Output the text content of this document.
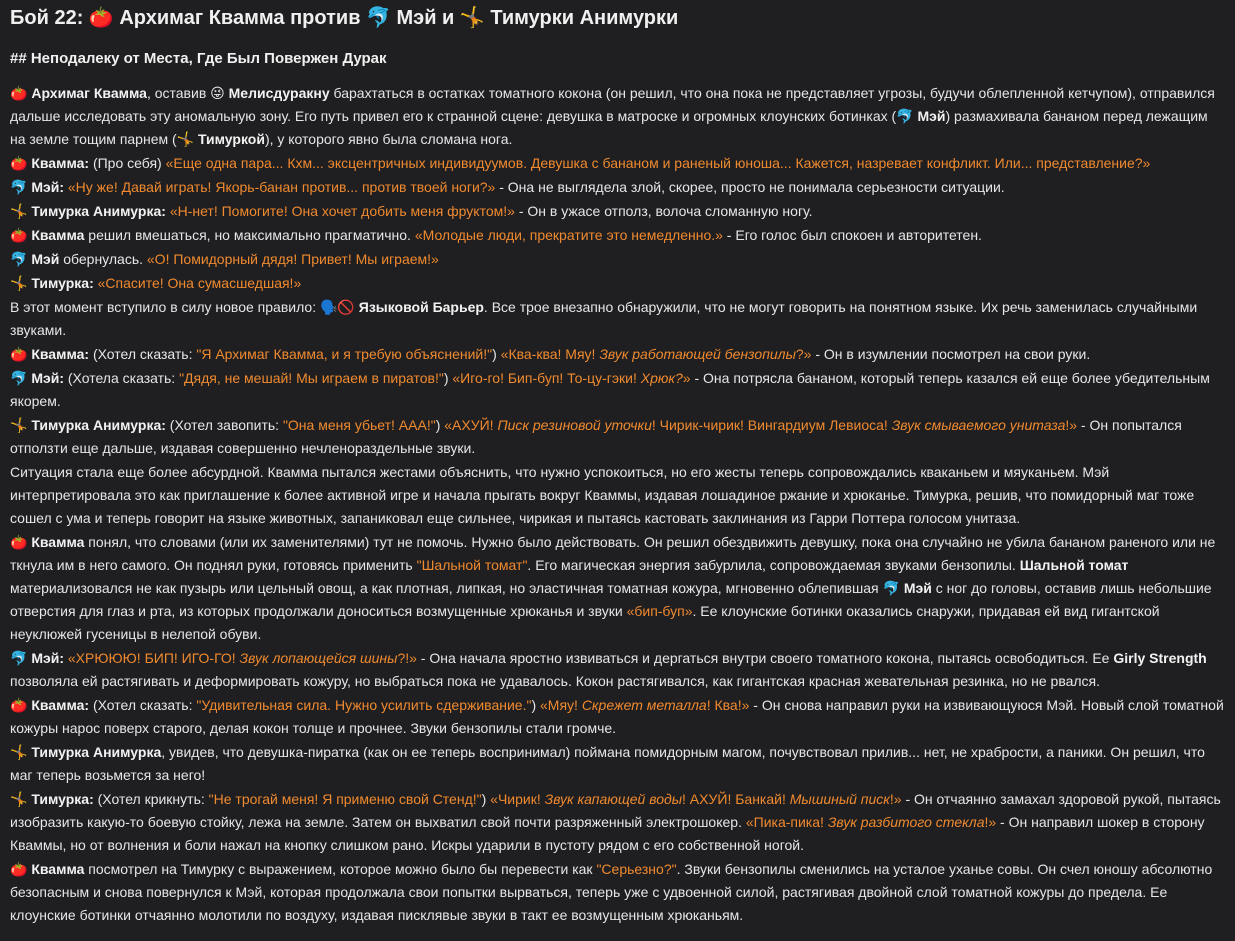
Бой 22: 🍅 Архимаг Квамма против 🐬 Мэй и 🤸 Тимурки Анимурки
## Неподалеку от Места, Где Был Повержен Дурак

🍅 Архимаг Квамма, оставив 😜 Мелисдуракну барахтаться в остатках томатного кокона (он решил, что она пока не представляет угрозы, будучи облепленной кетчупом), отправился дальше исследовать эту аномальную зону. Его путь привел его к странной сцене: девушка в матроске и огромных клоунских ботинках (🐬 Мэй) размахивала бананом перед лежащим на земле тощим парнем (🤸 Тимуркой), у которого явно была сломана нога.

🍅 Квамма: (Про себя) «Еще одна пара... Кхм... эксцентричных индивидуумов. Девушка с бананом и раненый юноша... Кажется, назревает конфликт. Или... представление?»

🐬 Мэй: «Ну же! Давай играть! Якорь-банан против... против твоей ноги?» - Она не выглядела злой, скорее, просто не понимала серьезности ситуации.

🤸 Тимурка Анимурка: «Н-нет! Помогите! Она хочет добить меня фруктом!» - Он в ужасе отполз, волоча сломанную ногу.

🍅 Квамма решил вмешаться, но максимально прагматично. «Молодые люди, прекратите это немедленно.» - Его голос был спокоен и авторитетен.

🐬 Мэй обернулась. «О! Помидорный дядя! Привет! Мы играем!»

🤸 Тимурка: «Спасите! Она сумасшедшая!»

В этот момент вступило в силу новое правило: 🗣️🚫 Языковой Барьер. Все трое внезапно обнаружили, что не могут говорить на понятном языке. Их речь заменилась случайными звуками.

🍅 Квамма: (Хотел сказать: "Я Архимаг Квамма, и я требую объяснений!") «Ква-ква! Мяу! Звук работающей бензопилы?» - Он в изумлении посмотрел на свои руки.

🐬 Мэй: (Хотела сказать: "Дядя, не мешай! Мы играем в пиратов!") «Иго-го! Бип-буп! То-цу-гэки! Хрюк?» - Она потрясла бананом, который теперь казался ей еще более убедительным якорем.

🤸 Тимурка Анимурка: (Хотел завопить: "Она меня убьет! ААА!") «АХУЙ! Писк резиновой уточки! Чирик-чирик! Вингардиум Левиоса! Звук смываемого унитаза!» - Он попытался отползти еще дальше, издавая совершенно нечленораздельные звуки.

Ситуация стала еще более абсурдной. Квамма пытался жестами объяснить, что нужно успокоиться, но его жесты теперь сопровождались кваканьем и мяуканьем. Мэй интерпретировала это как приглашение к более активной игре и начала прыгать вокруг Кваммы, издавая лошадиное ржание и хрюканье. Тимурка, решив, что помидорный маг тоже сошел с ума и теперь говорит на языке животных, запаниковал еще сильнее, чирикая и пытаясь кастовать заклинания из Гарри Поттера голосом унитаза.

🍅 Квамма понял, что словами (или их заменителями) тут не помочь. Нужно было действовать. Он решил обездвижить девушку, пока она случайно не убила бананом раненого или не ткнула им в него самого. Он поднял руки, готовясь применить "Шальной томат". Его магическая энергия забурлила, сопровождаемая звуками бензопилы. Шальной томат материализовался не как пузырь или цельный овощ, а как плотная, липкая, но эластичная томатная кожура, мгновенно облепившая 🐬 Мэй с ног до головы, оставив лишь небольшие отверстия для глаз и рта, из которых продолжали доноситься возмущенные хрюканья и звуки «бип-буп». Ее клоунские ботинки оказались снаружи, придавая ей вид гигантской неуклюжей гусеницы в нелепой обуви.

🐬 Мэй: «ХРЮЮЮ! БИП! ИГО-ГО! Звук лопающейся шины?!» - Она начала яростно извиваться и дергаться внутри своего томатного кокона, пытаясь освободиться. Ее Girly Strength позволяла ей растягивать и деформировать кожуру, но выбраться пока не удавалось. Кокон растягивался, как гигантская красная жевательная резинка, но не рвался.

🍅 Квамма: (Хотел сказать: "Удивительная сила. Нужно усилить сдерживание.") «Мяу! Скрежет металла! Ква!» - Он снова направил руки на извивающуюся Мэй. Новый слой томатной кожуры нарос поверх старого, делая кокон толще и прочнее. Звуки бензопилы стали громче.

🤸 Тимурка Анимурка, увидев, что девушка-пиратка (как он ее теперь воспринимал) поймана помидорным магом, почувствовал прилив... нет, не храбрости, а паники. Он решил, что маг теперь возьмется за него!

🤸 Тимурка: (Хотел крикнуть: "Не трогай меня! Я применю свой Стенд!") «Чирик! Звук капающей воды! АХУЙ! Банкай! Мышиный писк!» - Он отчаянно замахал здоровой рукой, пытаясь изобразить какую-то боевую стойку, лежа на земле. Затем он выхватил свой почти разряженный электрошокер. «Пика-пика! Звук разбитого стекла!» - Он направил шокер в сторону Кваммы, но от волнения и боли нажал на кнопку слишком рано. Искры ударили в пустоту рядом с его собственной ногой.

🍅 Квамма посмотрел на Тимурку с выражением, которое можно было бы перевести как "Серьезно?". Звуки бензопилы сменились на усталое уханье совы. Он счел юношу абсолютно безопасным и снова повернулся к Мэй, которая продолжала свои попытки вырваться, теперь уже с удвоенной силой, растягивая двойной слой томатной кожуры до предела. Ее клоунские ботинки отчаянно молотили по воздуху, издавая писклявые звуки в такт ее возмущенным хрюканьям.
